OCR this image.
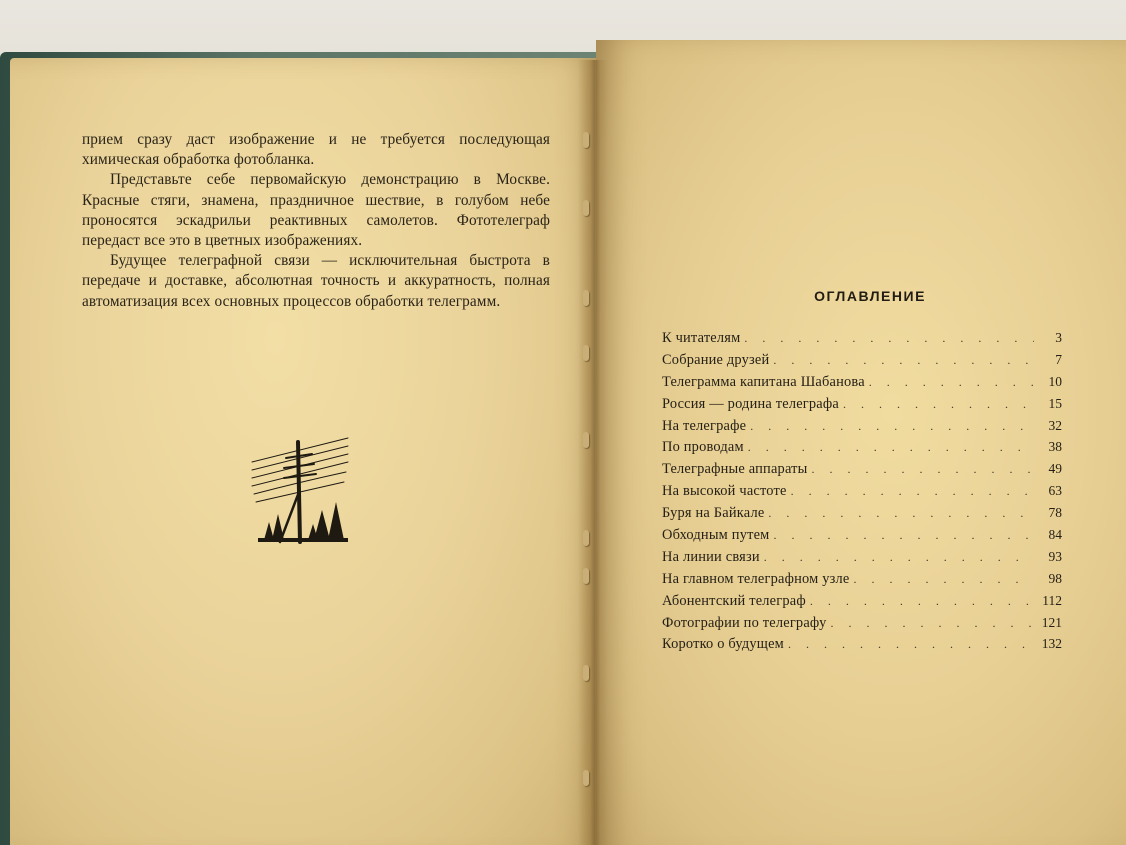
прием сразу даст изображение и не требуется последующая химическая обработка фотобланка.

Представьте себе первомайскую демонстрацию в Москве. Красные стяги, знамена, праздничное шествие, в голубом небе проносятся эскадрильи реактивных самолетов. Фототелеграф передаст все это в цветных изображениях.

Будущее телеграфной связи — исключительная быстрота в передаче и доставке, абсолютная точность и аккуратность, полная автоматизация всех основных процессов обработки телеграмм.	ОГЛАВЛЕНИЕ
К читателям . . .	3
Собрание друзей . . .	7
Телеграмма капитана Шабанова . . .	10
Россия — родина телеграфа . . .	15
На телеграфе . . .	32
По проводам . . .	38
Телеграфные аппараты . . .	49
На высокой частоте . . .	63
Буря на Байкале . . .	78
Обходным путем . . .	84
На линии связи . . .	93
На главном телеграфном узле . . .	98
Абонентский телеграф . . .	112
Фотографии по телеграфу . . .	121
Коротко о будущем . . .	132
